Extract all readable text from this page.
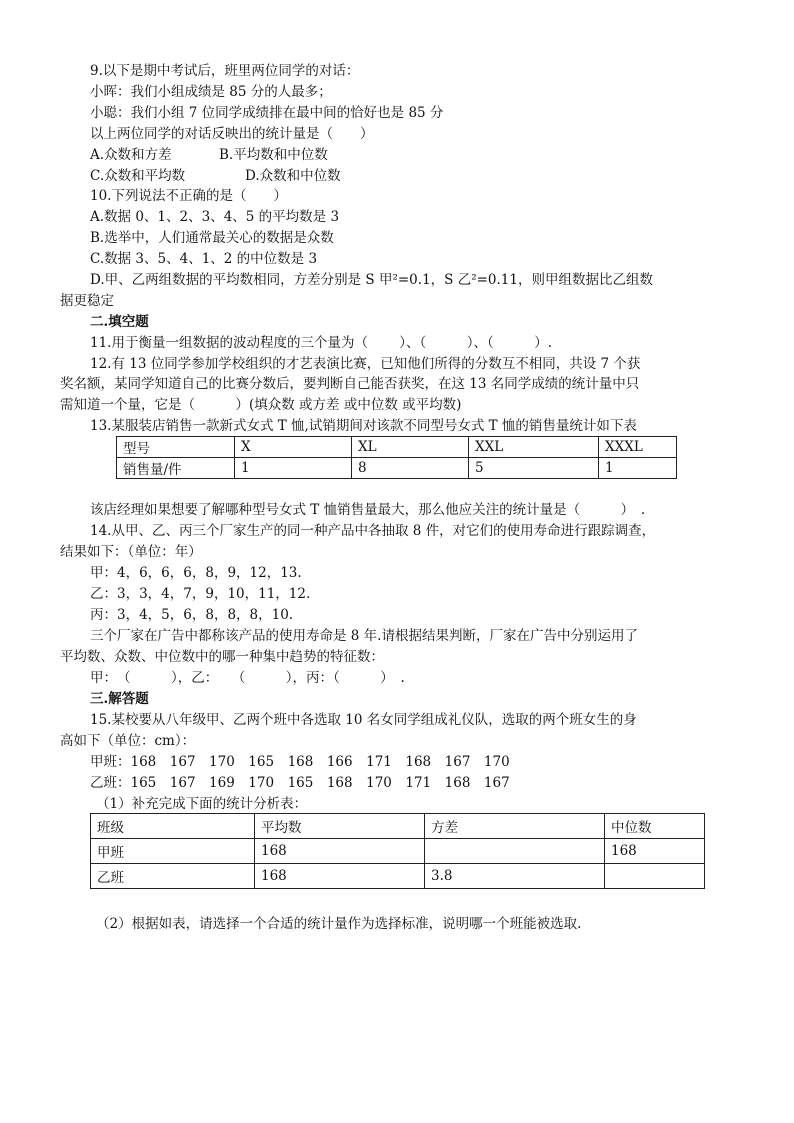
9.以下是期中考试后，班里两位同学的对话：
小晖：我们小组成绩是 85 分的人最多；
小聪：我们小组 7 位同学成绩排在最中间的恰好也是 85 分
以上两位同学的对话反映出的统计量是（　　）
A.众数和方差	B.平均数和中位数
C.众数和平均数	D.众数和中位数
10.下列说法不正确的是（　　）
A.数据 0、1、2、3、4、5 的平均数是 3
B.选举中，人们通常最关心的数据是众数
C.数据 3、5、4、1、2 的中位数是 3
D.甲、乙两组数据的平均数相同，方差分别是 S 甲²=0.1，S 乙²=0.11，则甲组数据比乙组数
据更稳定
二.填空题
11.用于衡量一组数据的波动程度的三个量为（　　 ）、（　　　）、（　　　）.
12.有 13 位同学参加学校组织的才艺表演比赛，已知他们所得的分数互不相同，共设 7 个获
奖名额，某同学知道自己的比赛分数后，要判断自己能否获奖，在这 13 名同学成绩的统计量中只
需知道一个量，它是（　　　）(填众数 或方差 或中位数 或平均数)
13.某服装店销售一款新式女式 T 恤,试销期间对该款不同型号女式 T 恤的销售量统计如下表
型号	X	XL	XXL	XXXL
销售量/件	1	8	5	1
该店经理如果想要了解哪种型号女式 T 恤销售量最大，那么他应关注的统计量是（　　　）　.
14.从甲、乙、丙三个厂家生产的同一种产品中各抽取 8 件，对它们的使用寿命进行跟踪调查，
结果如下：（单位：年）
甲：4，6，6，6，8，9，12，13.
乙：3，3，4，7，9，10，11，12.
丙：3，4，5，6，8，8，8，10.
三个厂家在广告中都称该产品的使用寿命是 8 年.请根据结果判断，厂家在广告中分别运用了
平均数、众数、中位数中的哪一种集中趋势的特征数：
甲：　（　　　），乙：　　（　　　），丙：（　　　）　.
三.解答题
15.某校要从八年级甲、乙两个班中各选取 10 名女同学组成礼仪队，选取的两个班女生的身
高如下（单位：cm）：
甲班：168　167　170　165　168　166　171　168　167　170
乙班：165　167　169　170　165　168　170　171　168　167
（1）补充完成下面的统计分析表：
班级	平均数	方差	中位数
甲班	168		168
乙班	168	3.8	
（2）根据如表，请选择一个合适的统计量作为选择标准，说明哪一个班能被选取.
